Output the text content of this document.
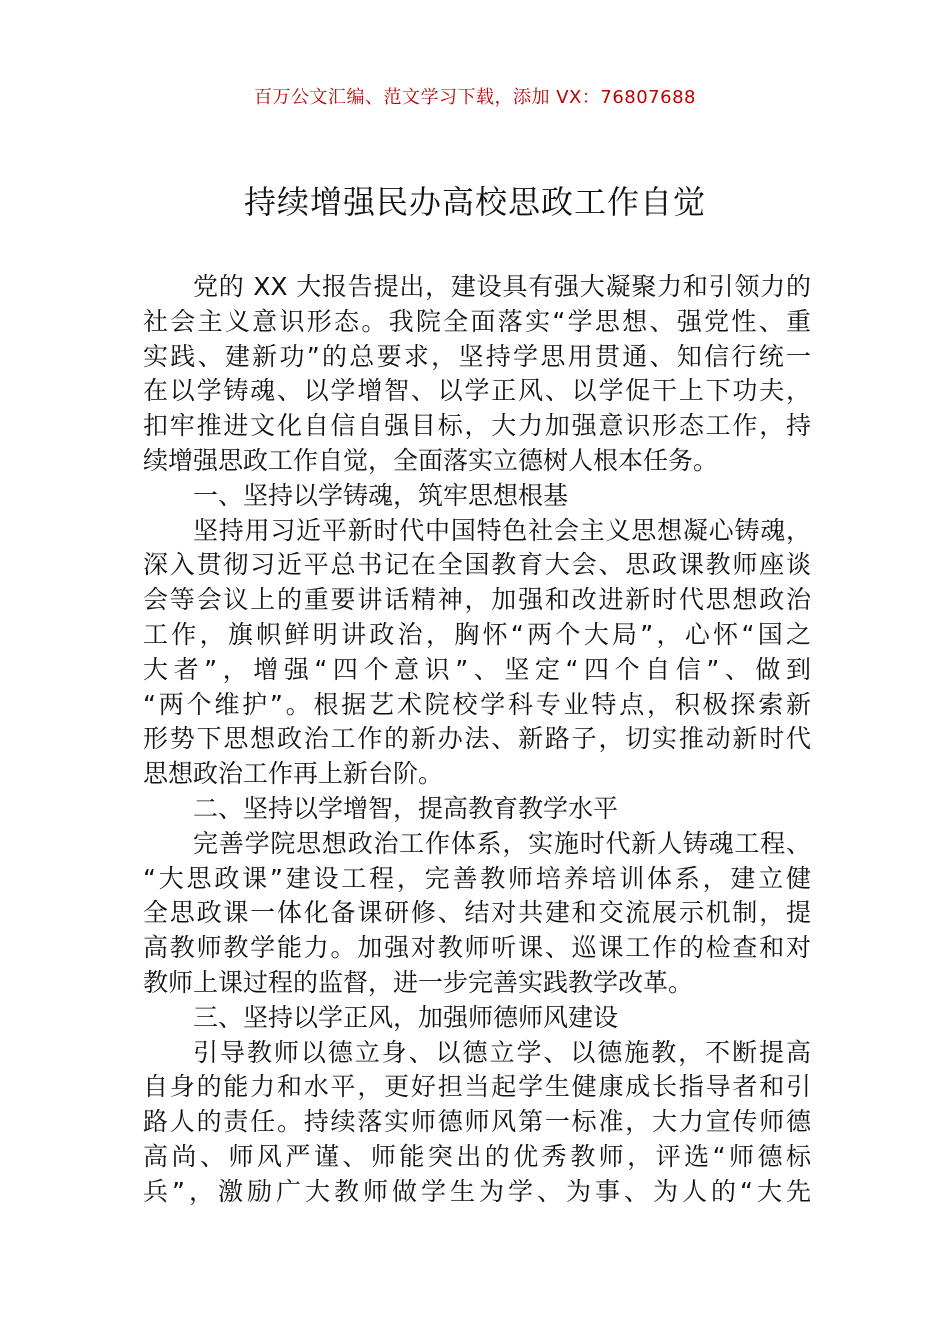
百万公文汇编、范文学习下载，添加 VX：76807688
持续增强民办高校思政工作自觉
党的 XX 大报告提出，建设具有强大凝聚力和引领力的
社会主义意识形态。我院全面落实“学思想、强党性、重
实践、建新功”的总要求，坚持学思用贯通、知信行统一
在以学铸魂、以学增智、以学正风、以学促干上下功夫，
扣牢推进文化自信自强目标，大力加强意识形态工作，持
续增强思政工作自觉，全面落实立德树人根本任务。
一、坚持以学铸魂，筑牢思想根基
坚持用习近平新时代中国特色社会主义思想凝心铸魂，
深入贯彻习近平总书记在全国教育大会、思政课教师座谈
会等会议上的重要讲话精神，加强和改进新时代思想政治
工作，旗帜鲜明讲政治，胸怀“两个大局”，心怀“国之
大者”，增强“四个意识”、坚定“四个自信”、做到
“两个维护”。根据艺术院校学科专业特点，积极探索新
形势下思想政治工作的新办法、新路子，切实推动新时代
思想政治工作再上新台阶。
二、坚持以学增智，提高教育教学水平
完善学院思想政治工作体系，实施时代新人铸魂工程、
“大思政课”建设工程，完善教师培养培训体系，建立健
全思政课一体化备课研修、结对共建和交流展示机制，提
高教师教学能力。加强对教师听课、巡课工作的检查和对
教师上课过程的监督，进一步完善实践教学改革。
三、坚持以学正风，加强师德师风建设
引导教师以德立身、以德立学、以德施教，不断提高
自身的能力和水平，更好担当起学生健康成长指导者和引
路人的责任。持续落实师德师风第一标准，大力宣传师德
高尚、师风严谨、师能突出的优秀教师，评选“师德标
兵”，激励广大教师做学生为学、为事、为人的“大先
